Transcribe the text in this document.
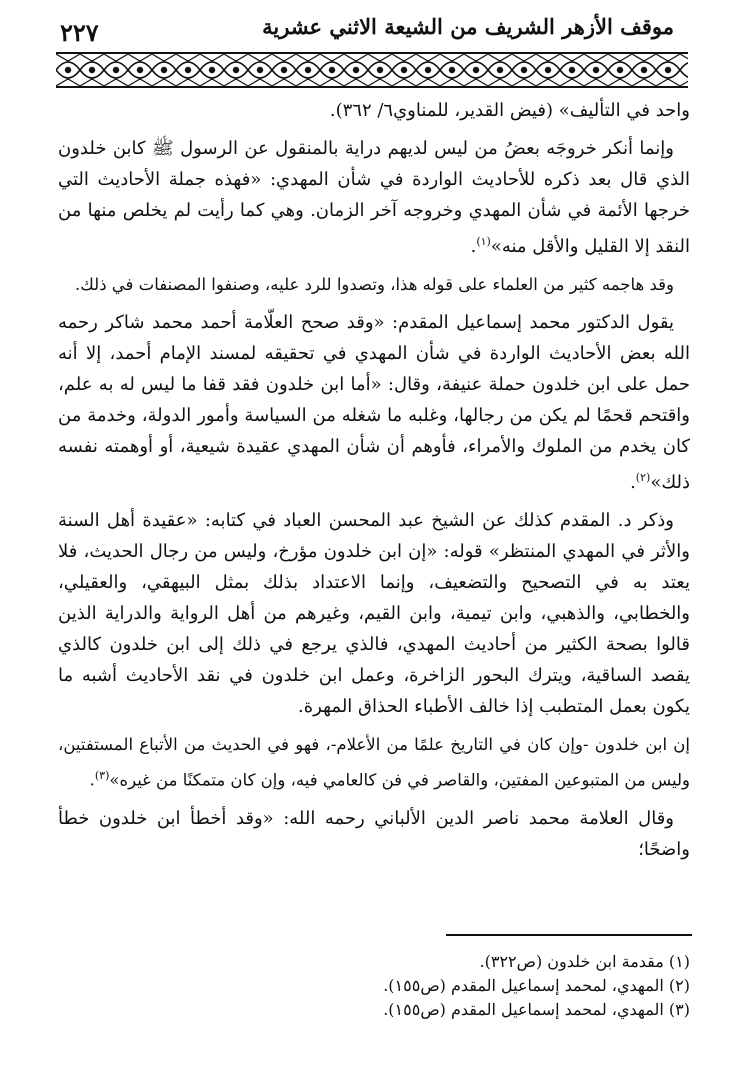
٢٢٧	موقف الأزهر الشريف من الشيعة الاثني عشرية

واحد في التأليف» (فيض القدير، للمناوي٦/ ٣٦٢).

وإنما أنكر خروجَه بعضُ من ليس لديهم دراية بالمنقول عن الرسول ﷺ كابن خلدون الذي قال بعد ذكره للأحاديث الواردة في شأن المهدي: «فهذه جملة الأحاديث التي خرجها الأئمة في شأن المهدي وخروجه آخر الزمان. وهي كما رأيت لم يخلص منها من النقد إلا القليل والأقل منه»$^{(١)}$.

وقد هاجمه كثير من العلماء على قوله هذا، وتصدوا للرد عليه، وصنفوا المصنفات في ذلك.

يقول الدكتور محمد إسماعيل المقدم: «وقد صحح العلّامة أحمد محمد شاكر رحمه الله بعض الأحاديث الواردة في شأن المهدي في تحقيقه لمسند الإمام أحمد، إلا أنه حمل على ابن خلدون حملة عنيفة، وقال: «أما ابن خلدون فقد قفا ما ليس له به علم، واقتحم قحمًا لم يكن من رجالها، وغلبه ما شغله من السياسة وأمور الدولة، وخدمة من كان يخدم من الملوك والأمراء، فأوهم أن شأن المهدي عقيدة شيعية، أو أوهمته نفسه ذلك»$^{(٢)}$.

وذكر د. المقدم كذلك عن الشيخ عبد المحسن العباد في كتابه: «عقيدة أهل السنة والأثر في المهدي المنتظر» قوله: «إن ابن خلدون مؤرخ، وليس من رجال الحديث، فلا يعتد به في التصحيح والتضعيف، وإنما الاعتداد بذلك بمثل البيهقي، والعقيلي، والخطابي، والذهبي، وابن تيمية، وابن القيم، وغيرهم من أهل الرواية والدراية الذين قالوا بصحة الكثير من أحاديث المهدي، فالذي يرجع في ذلك إلى ابن خلدون كالذي يقصد الساقية، ويترك البحور الزاخرة، وعمل ابن خلدون في نقد الأحاديث أشبه ما يكون بعمل المتطبب إذا خالف الأطباء الحذاق المهرة.

إن ابن خلدون -وإن كان في التاريخ علمًا من الأعلام-، فهو في الحديث من الأتباع المستفتين، وليس من المتبوعين المفتين، والقاصر في فن كالعامي فيه، وإن كان متمكنًا من غيره»$^{(٣)}$.

وقال العلامة محمد ناصر الدين الألباني رحمه الله: «وقد أخطأ ابن خلدون خطأ واضحًا؛

(١) مقدمة ابن خلدون (ص٣٢٢).
(٢) المهدي، لمحمد إسماعيل المقدم (ص١٥٥).
(٣) المهدي، لمحمد إسماعيل المقدم (ص١٥٥).
